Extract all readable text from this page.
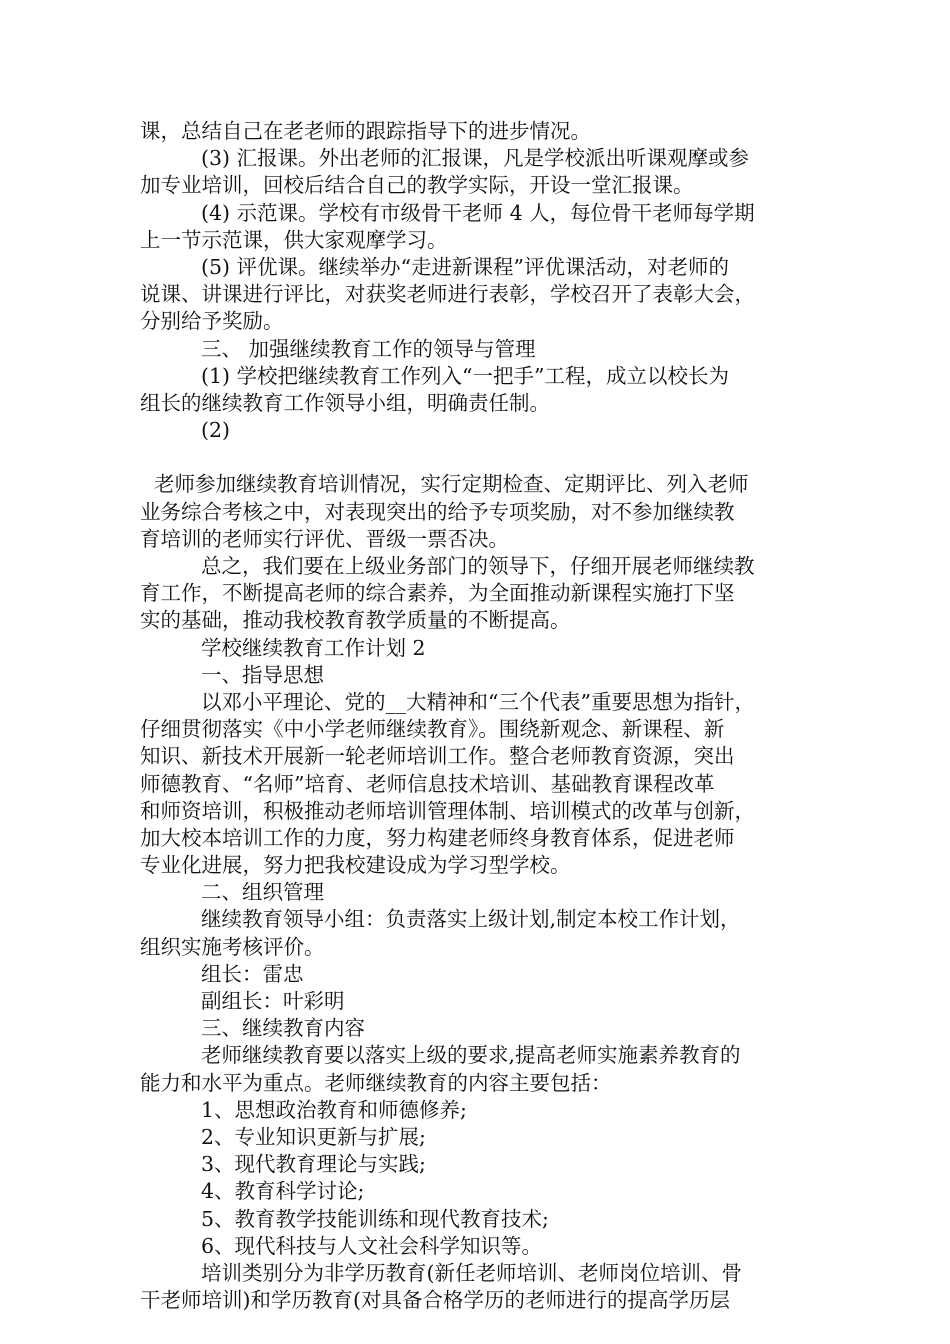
课，总结自己在老老师的跟踪指导下的进步情况。

(3) 汇报课。外出老师的汇报课，凡是学校派出听课观摩或参

加专业培训，回校后结合自己的教学实际，开设一堂汇报课。

(4) 示范课。学校有市级骨干老师 4 人，每位骨干老师每学期

上一节示范课，供大家观摩学习。

(5) 评优课。继续举办“走进新课程”评优课活动，对老师的

说课、讲课进行评比，对获奖老师进行表彰，学校召开了表彰大会，

分别给予奖励。

三、 加强继续教育工作的领导与管理

(1) 学校把继续教育工作列入“一把手”工程，成立以校长为

组长的继续教育工作领导小组，明确责任制。

(2)

老师参加继续教育培训情况，实行定期检查、定期评比、列入老师

业务综合考核之中，对表现突出的给予专项奖励，对不参加继续教

育培训的老师实行评优、晋级一票否决。

总之，我们要在上级业务部门的领导下，仔细开展老师继续教

育工作，不断提高老师的综合素养，为全面推动新课程实施打下坚

实的基础，推动我校教育教学质量的不断提高。

学校继续教育工作计划 2

一、指导思想

以邓小平理论、党的__大精神和“三个代表”重要思想为指针，

仔细贯彻落实《中小学老师继续教育》。围绕新观念、新课程、新

知识、新技术开展新一轮老师培训工作。整合老师教育资源，突出

师德教育、“名师”培育、老师信息技术培训、基础教育课程改革

和师资培训，积极推动老师培训管理体制、培训模式的改革与创新，

加大校本培训工作的力度，努力构建老师终身教育体系，促进老师

专业化进展，努力把我校建设成为学习型学校。

二、组织管理

继续教育领导小组：负责落实上级计划,制定本校工作计划，

组织实施考核评价。

组长：雷忠

副组长：叶彩明

三、继续教育内容

老师继续教育要以落实上级的要求,提高老师实施素养教育的

能力和水平为重点。老师继续教育的内容主要包括：

1、思想政治教育和师德修养;

2、专业知识更新与扩展;

3、现代教育理论与实践;

4、教育科学讨论;

5、教育教学技能训练和现代教育技术;

6、现代科技与人文社会科学知识等。

培训类别分为非学历教育(新任老师培训、老师岗位培训、骨

干老师培训)和学历教育(对具备合格学历的老师进行的提高学历层
